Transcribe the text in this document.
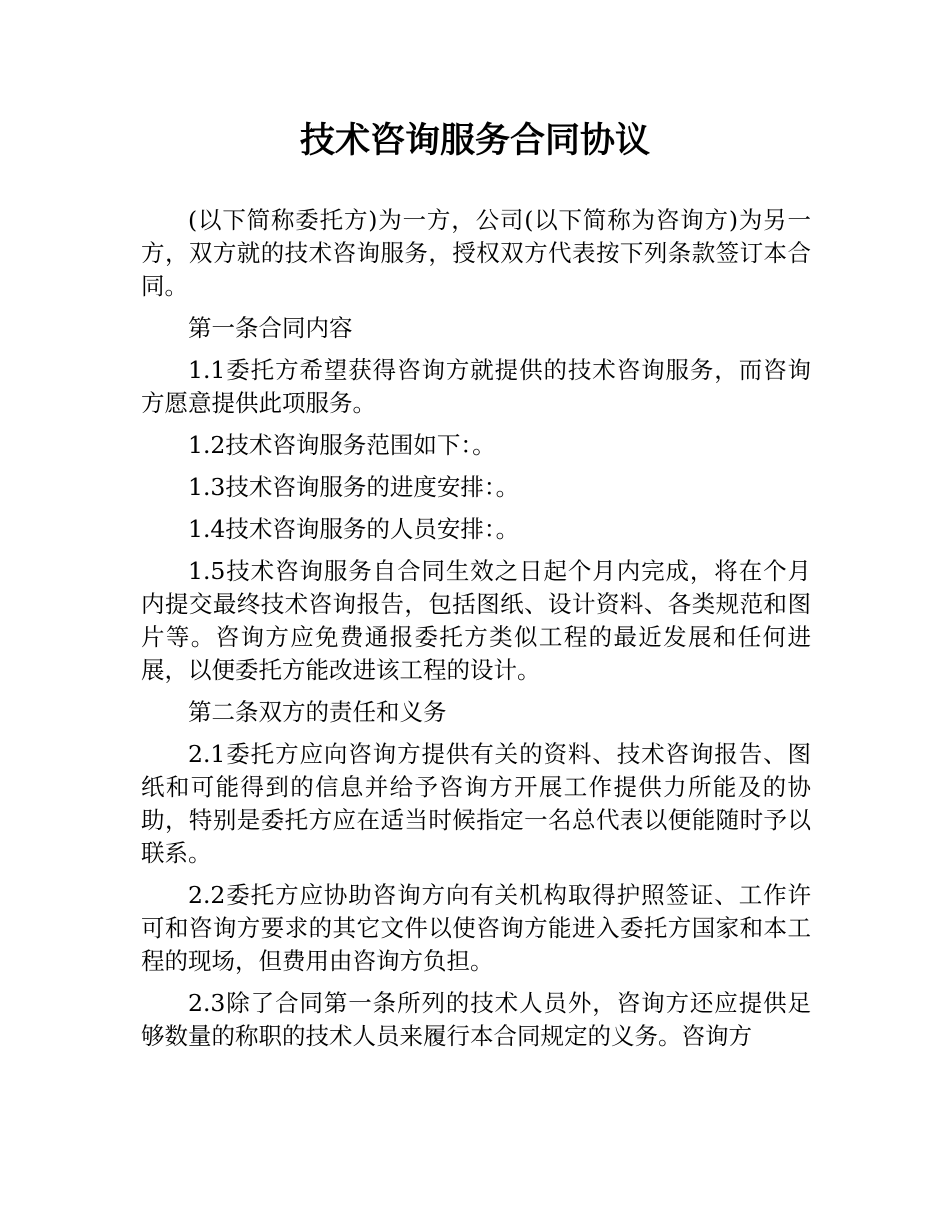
技术咨询服务合同协议

(以下简称委托方)为一方，公司(以下简称为咨询方)为另一方，双方就的技术咨询服务，授权双方代表按下列条款签订本合同。

第一条合同内容

1.1委托方希望获得咨询方就提供的技术咨询服务，而咨询方愿意提供此项服务。

1.2技术咨询服务范围如下：。

1.3技术咨询服务的进度安排：。

1.4技术咨询服务的人员安排：。

1.5技术咨询服务自合同生效之日起个月内完成，将在个月内提交最终技术咨询报告，包括图纸、设计资料、各类规范和图片等。咨询方应免费通报委托方类似工程的最近发展和任何进展，以便委托方能改进该工程的设计。

第二条双方的责任和义务

2.1委托方应向咨询方提供有关的资料、技术咨询报告、图纸和可能得到的信息并给予咨询方开展工作提供力所能及的协助，特别是委托方应在适当时候指定一名总代表以便能随时予以联系。

2.2委托方应协助咨询方向有关机构取得护照签证、工作许可和咨询方要求的其它文件以使咨询方能进入委托方国家和本工程的现场，但费用由咨询方负担。

2.3除了合同第一条所列的技术人员外，咨询方还应提供足够数量的称职的技术人员来履行本合同规定的义务。咨询方
